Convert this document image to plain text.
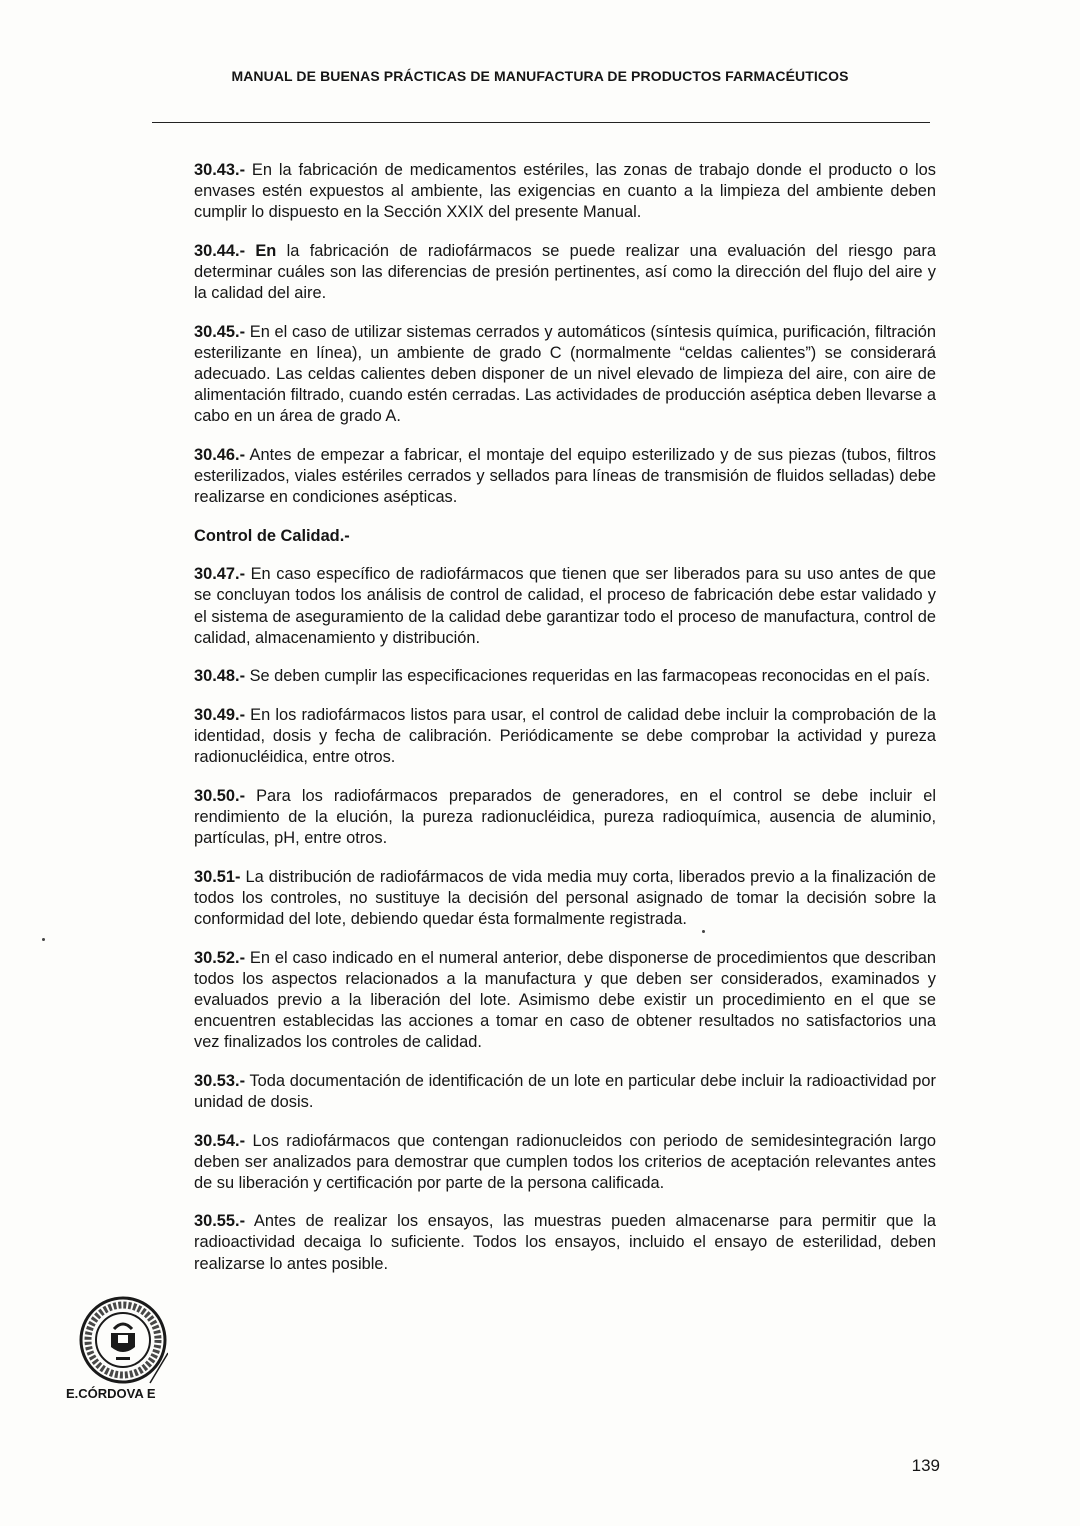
MANUAL DE BUENAS PRÁCTICAS DE MANUFACTURA DE PRODUCTOS FARMACÉUTICOS

30.43.- En la fabricación de medicamentos estériles, las zonas de trabajo donde el producto o los envases estén expuestos al ambiente, las exigencias en cuanto a la limpieza del ambiente deben cumplir lo dispuesto en la Sección XXIX del presente Manual.

30.44.- En la fabricación de radiofármacos se puede realizar una evaluación del riesgo para determinar cuáles son las diferencias de presión pertinentes, así como la dirección del flujo del aire y la calidad del aire.

30.45.- En el caso de utilizar sistemas cerrados y automáticos (síntesis química, purificación, filtración esterilizante en línea), un ambiente de grado C (normalmente “celdas calientes”) se considerará adecuado. Las celdas calientes deben disponer de un nivel elevado de limpieza del aire, con aire de alimentación filtrado, cuando estén cerradas. Las actividades de producción aséptica deben llevarse a cabo en un área de grado A.

30.46.- Antes de empezar a fabricar, el montaje del equipo esterilizado y de sus piezas (tubos, filtros esterilizados, viales estériles cerrados y sellados para líneas de transmisión de fluidos selladas) debe realizarse en condiciones asépticas.

Control de Calidad.-

30.47.- En caso específico de radiofármacos que tienen que ser liberados para su uso antes de que se concluyan todos los análisis de control de calidad, el proceso de fabricación debe estar validado y el sistema de aseguramiento de la calidad debe garantizar todo el proceso de manufactura, control de calidad, almacenamiento y distribución.

30.48.- Se deben cumplir las especificaciones requeridas en las farmacopeas reconocidas en el país.

30.49.- En los radiofármacos listos para usar, el control de calidad debe incluir la comprobación de la identidad, dosis y fecha de calibración. Periódicamente se debe comprobar la actividad y pureza radionucléidica, entre otros.

30.50.- Para los radiofármacos preparados de generadores, en el control se debe incluir el rendimiento de la elución, la pureza radionucléidica, pureza radioquímica, ausencia de aluminio, partículas, pH, entre otros.

30.51- La distribución de radiofármacos de vida media muy corta, liberados previo a la finalización de todos los controles, no sustituye la decisión del personal asignado de tomar la decisión sobre la conformidad del lote, debiendo quedar ésta formalmente registrada.

30.52.- En el caso indicado en el numeral anterior, debe disponerse de procedimientos que describan todos los aspectos relacionados a la manufactura y que deben ser considerados, examinados y evaluados previo a la liberación del lote. Asimismo debe existir un procedimiento en el que se encuentren establecidas las acciones a tomar en caso de obtener resultados no satisfactorios una vez finalizados los controles de calidad.

30.53.- Toda documentación de identificación de un lote en particular debe incluir la radioactividad por unidad de dosis.

30.54.- Los radiofármacos que contengan radionucleidos con periodo de semidesintegración largo deben ser analizados para demostrar que cumplen todos los criterios de aceptación relevantes antes de su liberación y certificación por parte de la persona calificada.

30.55.- Antes de realizar los ensayos, las muestras pueden almacenarse para permitir que la radioactividad decaiga lo suficiente. Todos los ensayos, incluido el ensayo de esterilidad, deben realizarse lo antes posible.

E.CÓRDOVA E
139
